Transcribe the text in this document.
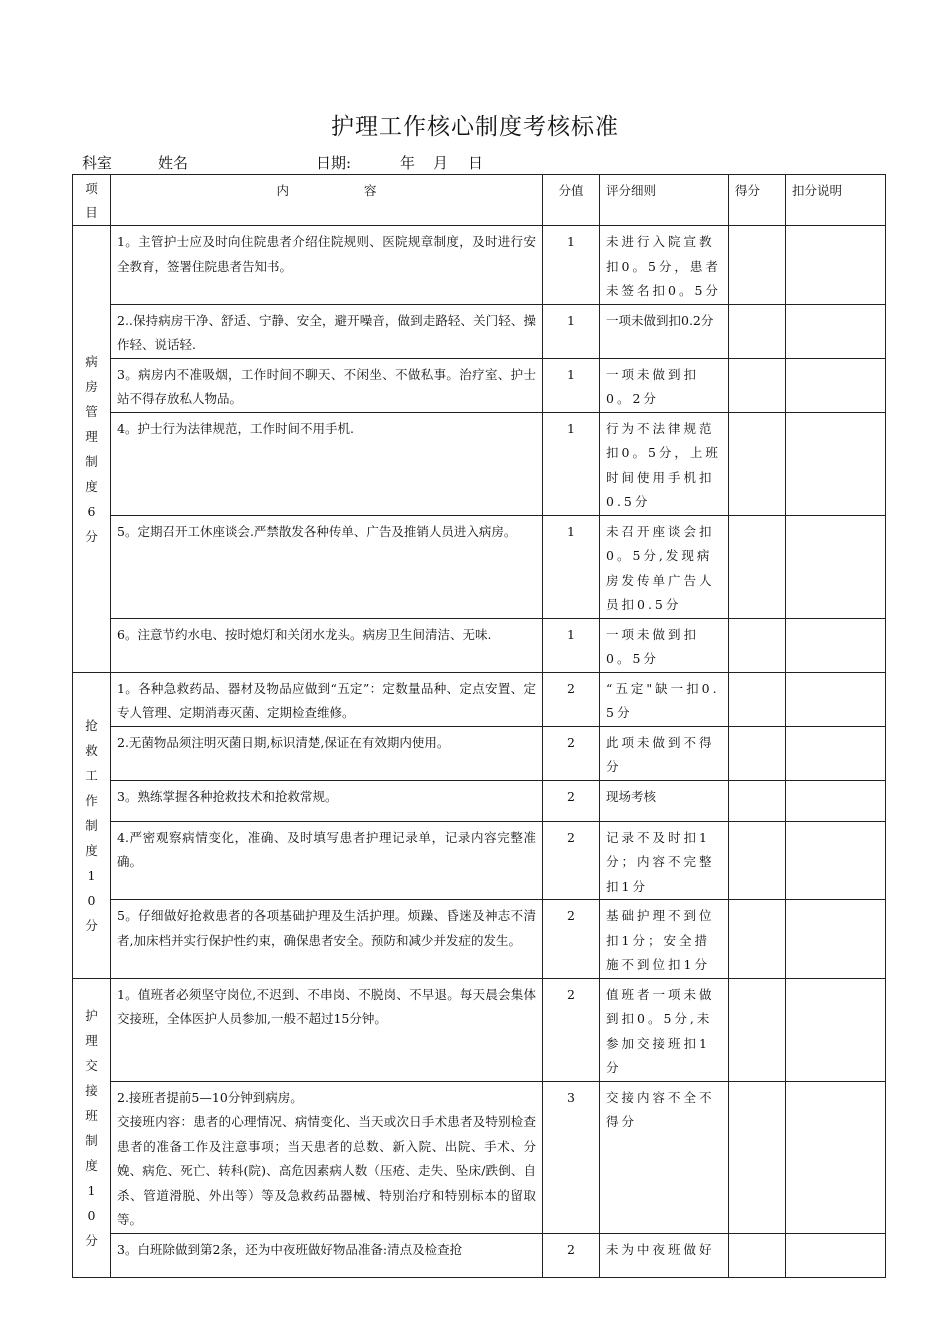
护理工作核心制度考核标准
科室	姓名	日期:	年 月 日
项目	内　　　　　　容	分值	评分细则	得分	扣分说明

病房管理制度6分	1。主管护士应及时向住院患者介绍住院规则、医院规章制度，及时进行安全教育，签署住院患者告知书。	1	未进行入院宣教扣0。5分，患者未签名扣0。5分		
	2..保持病房干净、舒适、宁静、安全，避开噪音，做到走路轻、关门轻、操作轻、说话轻.	1	一项未做到扣0.2分		
	3。病房内不准吸烟，工作时间不聊天、不闲坐、不做私事。治疗室、护士站不得存放私人物品。	1	一项未做到扣0。2分		
	4。护士行为法律规范，工作时间不用手机.	1	行为不法律规范扣0。5分，上班时间使用手机扣0.5分		
	5。定期召开工休座谈会.严禁散发各种传单、广告及推销人员进入病房。	1	未召开座谈会扣0。5分,发现病房发传单广告人员扣0.5分		
	6。注意节约水电、按时熄灯和关闭水龙头。病房卫生间清洁、无味.	1	一项未做到扣0。5分		

抢救工作制度10分	1。各种急救药品、器材及物品应做到“五定”：定数量品种、定点安置、定专人管理、定期消毒灭菌、定期检查维修。	2	“五定"缺一扣0.5分		
	2.无菌物品须注明灭菌日期,标识清楚,保证在有效期内使用。	2	此项未做到不得分		
	3。熟练掌握各种抢救技术和抢救常规。	2	现场考核		
	4.严密观察病情变化，准确、及时填写患者护理记录单，记录内容完整准确。	2	记录不及时扣1分；内容不完整扣1分		
	5。仔细做好抢救患者的各项基础护理及生活护理。烦躁、昏迷及神志不清者,加床档并实行保护性约束，确保患者安全。预防和减少并发症的发生。	2	基础护理不到位扣1分；安全措施不到位扣1分		

护理交接班制度10分	1。值班者必须坚守岗位,不迟到、不串岗、不脱岗、不早退。每天晨会集体交接班，全体医护人员参加,一般不超过15分钟。	2	值班者一项未做到扣0。5分,未参加交接班扣1分		
	2.接班者提前5—10分钟到病房。
交接班内容：患者的心理情况、病情变化、当天或次日手术患者及特别检查患者的准备工作及注意事项；当天患者的总数、新入院、出院、手术、分娩、病危、死亡、转科(院)、高危因素病人数（压疮、走失、坠床/跌倒、自杀、管道滑脱、外出等）等及急救药品器械、特别治疗和特别标本的留取等。	3	交接内容不全不得分		
	3。白班除做到第2条，还为中夜班做好物品准备:清点及检查抢	2	未为中夜班做好		
